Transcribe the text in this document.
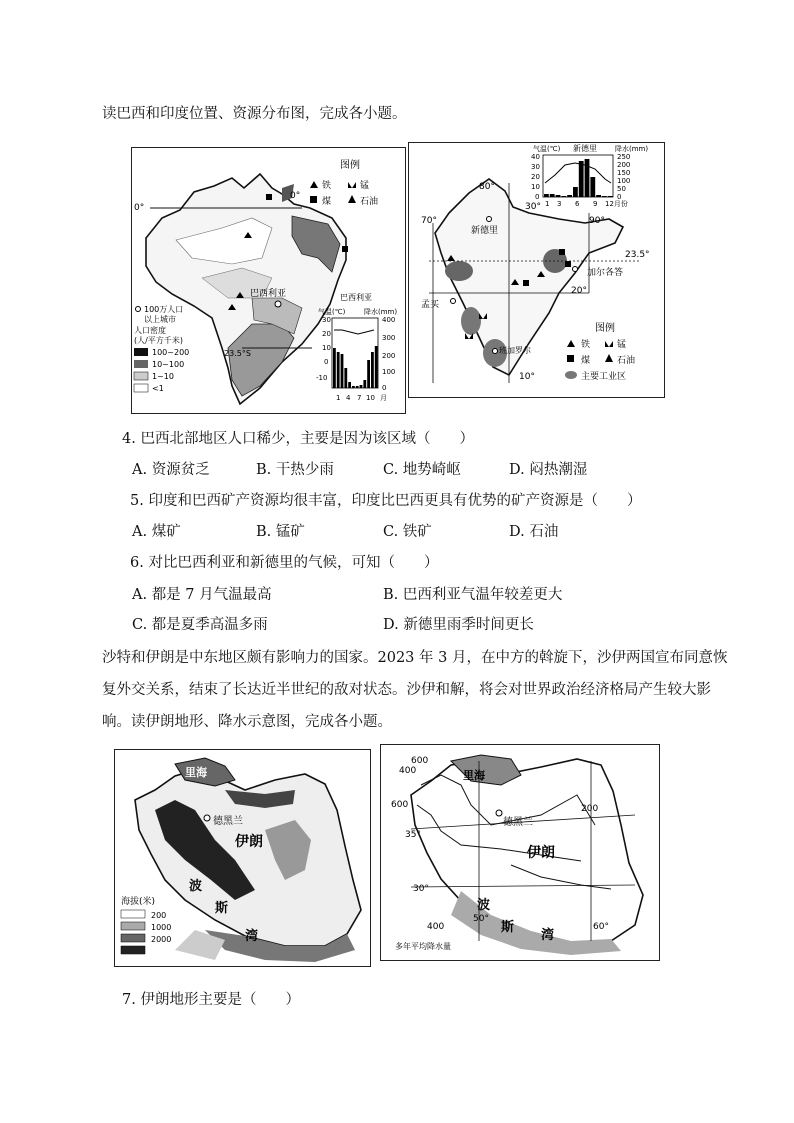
读巴西和印度位置、资源分布图，完成各小题。
0°
0°
23.5°S
巴西利亚
图例
铁	锰
煤	石油
100万人口
以上城市
人口密度
(人/平方千米)
100~200
10~100
1~10
<1
巴西利亚
气温(℃)	降水(mm)
30
20
10
0
-10
400
300
200
100
0
1 4 7 10 月
80°
30°
70°	90°
23.5°
20°
10°
新德里
加尔各答
孟买
班加罗尔
图例
铁	锰
煤	石油
主要工业区
气温(℃) 新德里	降水(mm)
40
30
20
10
0
250
200
150
100
50
0
1 3 6 9 12月份
4. 巴西北部地区人口稀少，主要是因为该区域（　　）
A. 资源贫乏	B. 干热少雨	C. 地势崎岖	D. 闷热潮湿
5. 印度和巴西矿产资源均很丰富，印度比巴西更具有优势的矿产资源是（　　）
A. 煤矿	B. 锰矿	C. 铁矿	D. 石油
6. 对比巴西利亚和新德里的气候，可知（　　）
A. 都是 7 月气温最高	B. 巴西利亚气温年较差更大
C. 都是夏季高温多雨	D. 新德里雨季时间更长
沙特和伊朗是中东地区颇有影响力的国家。2023 年 3 月，在中方的斡旋下，沙伊两国宣布同意恢
复外交关系，结束了长达近半世纪的敌对状态。沙伊和解，将会对世界政治经济格局产生较大影
响。读伊朗地形、降水示意图，完成各小题。
里海
德黑兰
伊朗
波
斯
湾
海拔(米)
200
1000
2000
里海
德黑兰
伊朗
波
斯
湾
35°
30°
50°
60°
600
400
600	200
400
多年平均降水量
7. 伊朗地形主要是（　　）
